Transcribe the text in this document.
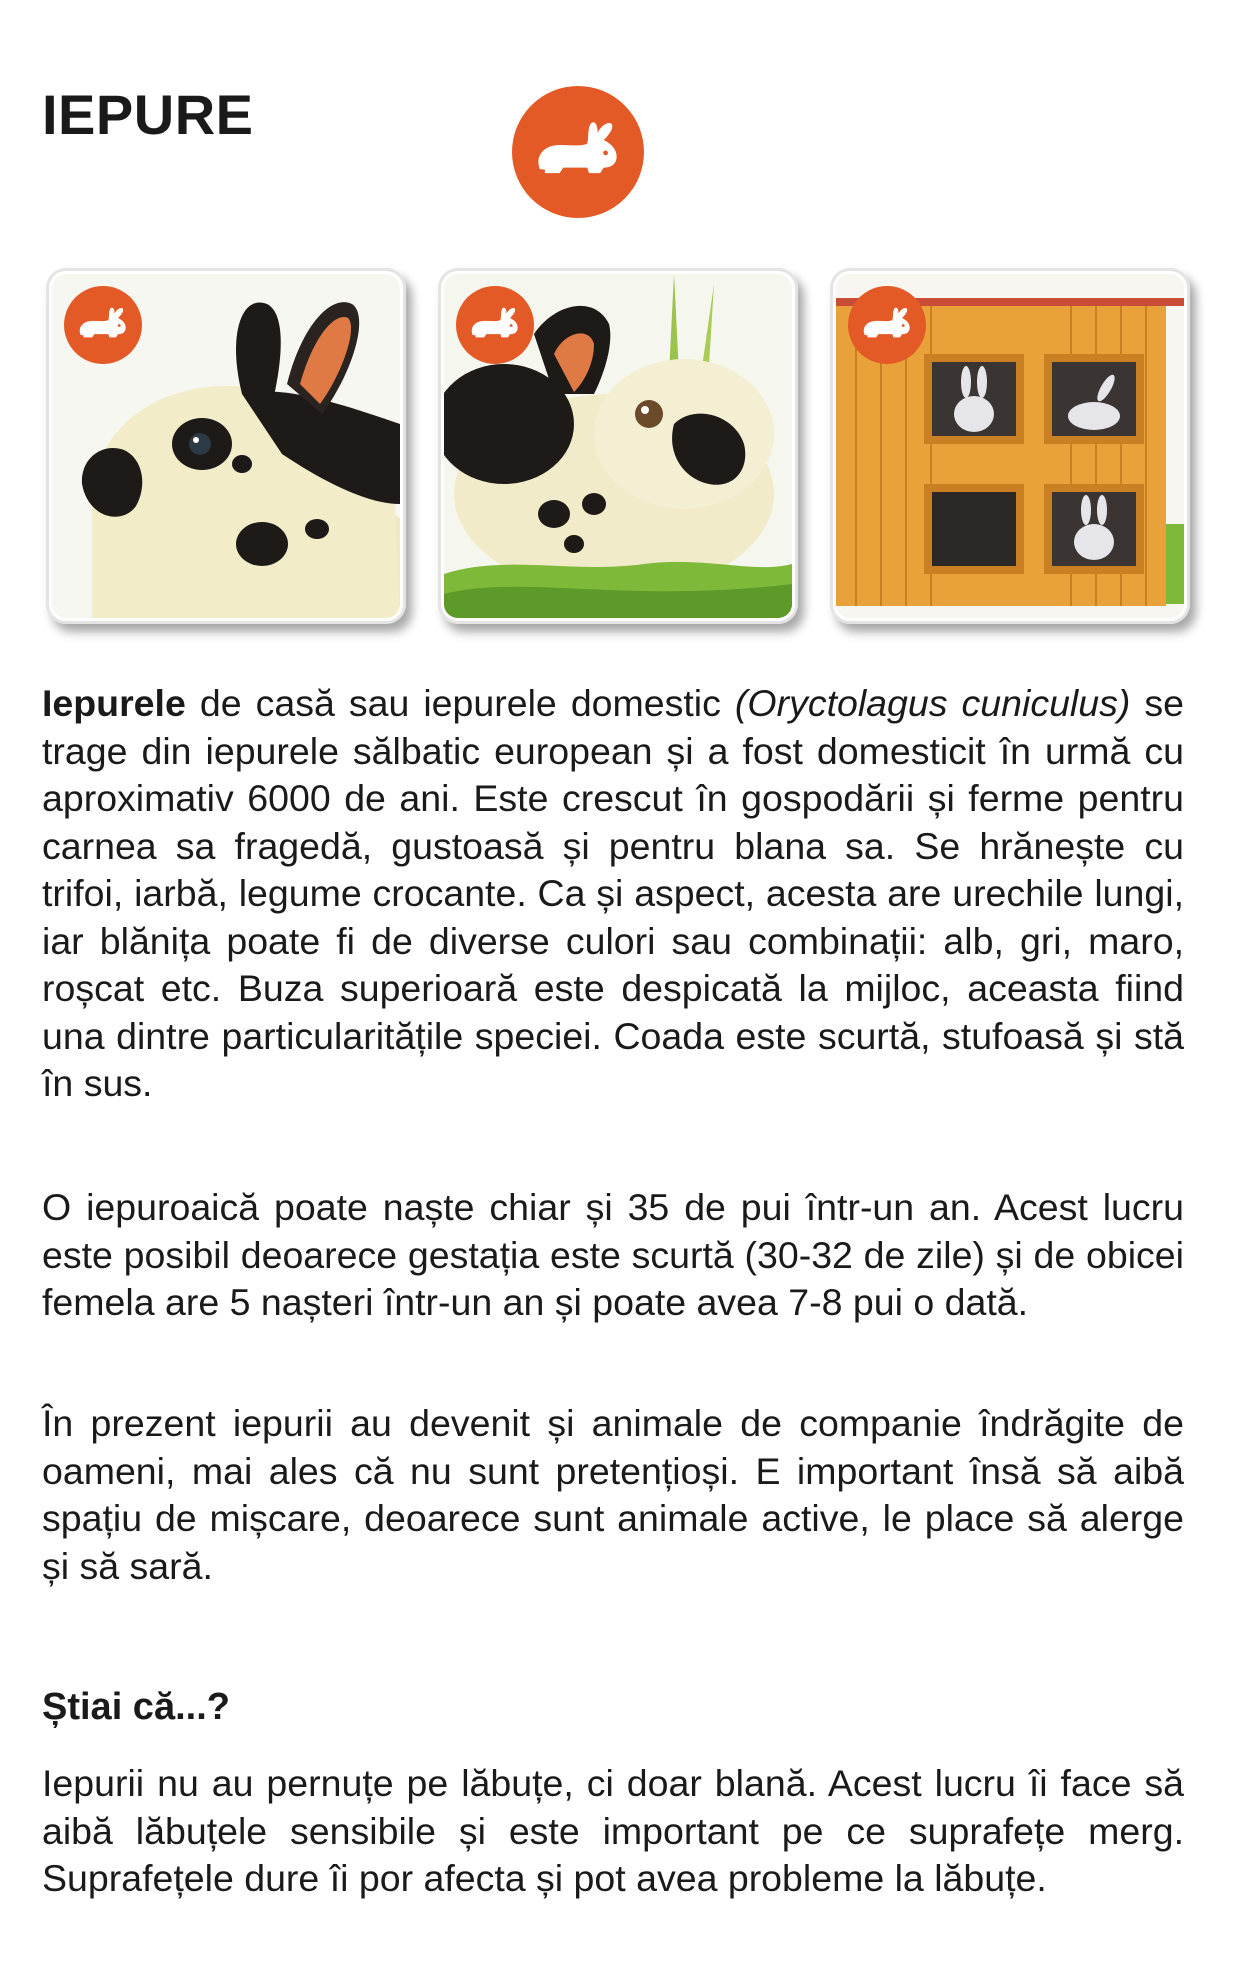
IEPURE

Iepurele de casă sau iepurele domestic (Oryctolagus cuniculus) se trage din iepurele sălbatic european și a fost domesticit în urmă cu aproximativ 6000 de ani. Este crescut în gospodării și ferme pentru carnea sa fragedă, gustoasă și pentru blana sa. Se hrănește cu trifoi, iarbă, legume crocante. Ca și aspect, acesta are urechile lungi, iar blănița poate fi de diverse culori sau combinații: alb, gri, maro, roșcat etc. Buza superioară este despicată la mijloc, aceasta fiind una dintre particularitățile speciei. Coada este scurtă, stufoasă și stă în sus.

O iepuroaică poate naște chiar și 35 de pui într-un an. Acest lucru este posibil deoarece gestația este scurtă (30-32 de zile) și de obicei femela are 5 nașteri într-un an și poate avea 7-8 pui o dată.

În prezent iepurii au devenit și animale de companie îndrăgite de oameni, mai ales că nu sunt pretențioși. E important însă să aibă spațiu de mișcare, deoarece sunt animale active, le place să alerge și să sară.

Știai că...?

Iepurii nu au pernuțe pe lăbuțe, ci doar blană. Acest lucru îi face să aibă lăbuțele sensibile și este important pe ce suprafețe merg. Suprafețele dure îi por afecta și pot avea probleme la lăbuțe.
